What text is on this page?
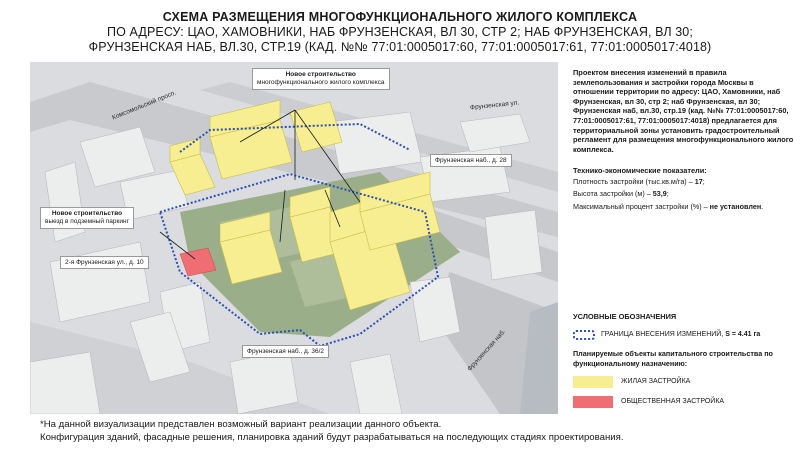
СХЕМА РАЗМЕЩЕНИЯ МНОГОФУНКЦИОНАЛЬНОГО ЖИЛОГО КОМПЛЕКСА
ПО АДРЕСУ: ЦАО, ХАМОВНИКИ, НАБ ФРУНЗЕНСКАЯ, ВЛ 30, СТР 2; НАБ ФРУНЗЕНСКАЯ, ВЛ 30;
ФРУНЗЕНСКАЯ НАБ, ВЛ.30, СТР.19 (КАД. №№ 77:01:0005017:60, 77:01:0005017:61, 77:01:0005017:4018)
Комсомольский просп.	Фрунзенская ул.
Фрунзенская наб.
Новое строительство
многофункционального жилого комплекса
Новое строительство
выезд в подземный паркинг
Фрунзенская наб., д. 28
2-я Фрунзенская ул., д. 10
Фрунзенская наб., д. 36/2
Проектом внесения изменений в правила землепользования и застройки города Москвы в отношении территории по адресу: ЦАО, Хамовники, наб Фрунзенская, вл 30, стр 2; наб Фрунзенская, вл 30; Фрунзенская наб, вл.30, стр.19 (кад. №№ 77:01:0005017:60, 77:01:0005017:61, 77:01:0005017:4018) предлагается для территориальной зоны установить градостроительный регламент для размещения многофункционального жилого комплекса.
Технико-экономические показатели:
Плотность застройки (тыс.кв.м/га) – 17;
Высота застройки (м) – 53,9;
Максимальный процент застройки (%) – не установлен.
УСЛОВНЫЕ ОБОЗНАЧЕНИЯ
ГРАНИЦА ВНЕСЕНИЯ ИЗМЕНЕНИЙ, S = 4.41 га
Планируемые объекты капитального строительства по функциональному назначению:
ЖИЛАЯ ЗАСТРОЙКА
ОБЩЕСТВЕННАЯ ЗАСТРОЙКА
*На данной визуализации представлен возможный вариант реализации данного объекта.
Конфигурация зданий, фасадные решения, планировка зданий будут разрабатываться на последующих стадиях проектирования.
